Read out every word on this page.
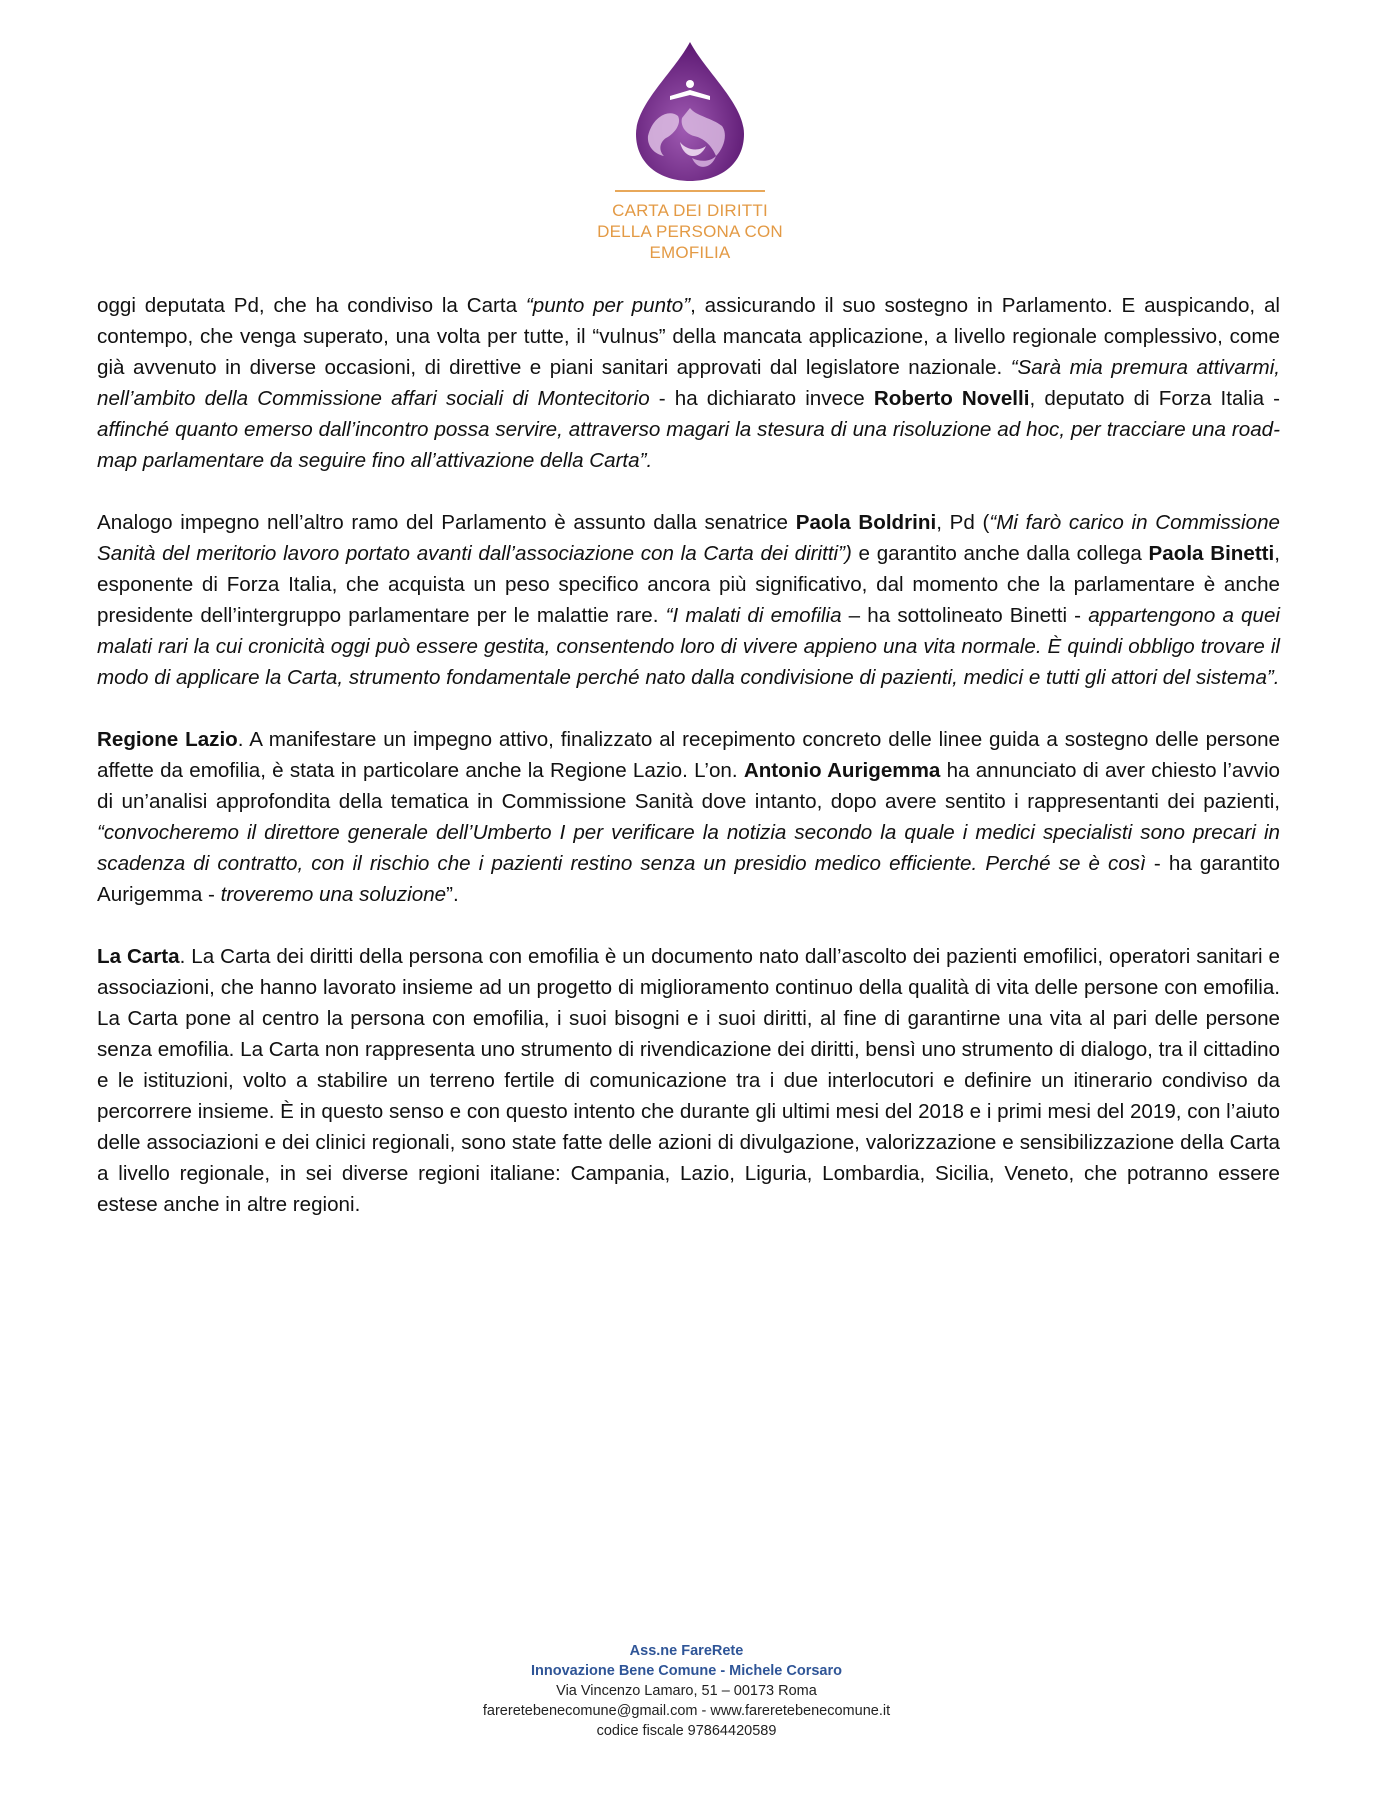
CARTA DEI DIRITTI
DELLA PERSONA CON EMOFILIA

oggi deputata Pd, che ha condiviso la Carta “punto per punto”, assicurando il suo sostegno in Parlamento. E auspicando, al contempo, che venga superato, una volta per tutte, il “vulnus” della mancata applicazione, a livello regionale complessivo, come già avvenuto in diverse occasioni, di direttive e piani sanitari approvati dal legislatore nazionale. “Sarà mia premura attivarmi, nell’ambito della Commissione affari sociali di Montecitorio - ha dichiarato invece Roberto Novelli, deputato di Forza Italia - affinché quanto emerso dall’incontro possa servire, attraverso magari la stesura di una risoluzione ad hoc, per tracciare una road-map parlamentare da seguire fino all’attivazione della Carta”.

Analogo impegno nell’altro ramo del Parlamento è assunto dalla senatrice Paola Boldrini, Pd (“Mi farò carico in Commissione Sanità del meritorio lavoro portato avanti dall’associazione con la Carta dei diritti”) e garantito anche dalla collega Paola Binetti, esponente di Forza Italia, che acquista un peso specifico ancora più significativo, dal momento che la parlamentare è anche presidente dell’intergruppo parlamentare per le malattie rare. “I malati di emofilia – ha sottolineato Binetti - appartengono a quei malati rari la cui cronicità oggi può essere gestita, consentendo loro di vivere appieno una vita normale. È quindi obbligo trovare il modo di applicare la Carta, strumento fondamentale perché nato dalla condivisione di pazienti, medici e tutti gli attori del sistema”.

Regione Lazio. A manifestare un impegno attivo, finalizzato al recepimento concreto delle linee guida a sostegno delle persone affette da emofilia, è stata in particolare anche la Regione Lazio. L’on. Antonio Aurigemma ha annunciato di aver chiesto l’avvio di un’analisi approfondita della tematica in Commissione Sanità dove intanto, dopo avere sentito i rappresentanti dei pazienti, “convocheremo il direttore generale dell’Umberto I per verificare la notizia secondo la quale i medici specialisti sono precari in scadenza di contratto, con il rischio che i pazienti restino senza un presidio medico efficiente. Perché se è così - ha garantito Aurigemma - troveremo una soluzione”.

La Carta. La Carta dei diritti della persona con emofilia è un documento nato dall’ascolto dei pazienti emofilici, operatori sanitari e associazioni, che hanno lavorato insieme ad un progetto di miglioramento continuo della qualità di vita delle persone con emofilia. La Carta pone al centro la persona con emofilia, i suoi bisogni e i suoi diritti, al fine di garantirne una vita al pari delle persone senza emofilia. La Carta non rappresenta uno strumento di rivendicazione dei diritti, bensì uno strumento di dialogo, tra il cittadino e le istituzioni, volto a stabilire un terreno fertile di comunicazione tra i due interlocutori e definire un itinerario condiviso da percorrere insieme. È in questo senso e con questo intento che durante gli ultimi mesi del 2018 e i primi mesi del 2019, con l’aiuto delle associazioni e dei clinici regionali, sono state fatte delle azioni di divulgazione, valorizzazione e sensibilizzazione della Carta a livello regionale, in sei diverse regioni italiane: Campania, Lazio, Liguria, Lombardia, Sicilia, Veneto, che potranno essere estese anche in altre regioni.

Ass.ne FareRete
Innovazione Bene Comune - Michele Corsaro
Via Vincenzo Lamaro, 51 – 00173 Roma
fareretebenecomune@gmail.com - www.fareretebenecomune.it
codice fiscale 97864420589
